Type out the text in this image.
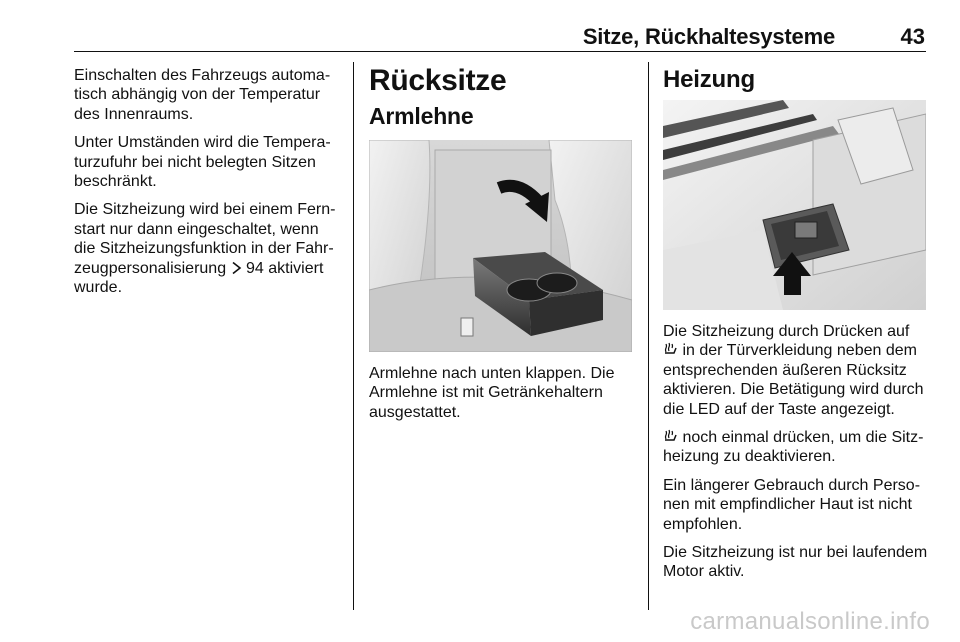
Sitze, Rückhaltesysteme	43

Einschalten des Fahrzeugs automa-
tisch abhängig von der Temperatur
des Innenraums.

Unter Umständen wird die Tempera-
turzufuhr bei nicht belegten Sitzen
beschränkt.

Die Sitzheizung wird bei einem Fern-
start nur dann eingeschaltet, wenn
die Sitzheizungsfunktion in der Fahr-
zeugpersonalisierung 94 aktiviert
wurde.

Rücksitze
Armlehne

Armlehne nach unten klappen. Die
Armlehne ist mit Getränkehaltern
ausgestattet.

Heizung

Die Sitzheizung durch Drücken auf
in der Türverkleidung neben dem
entsprechenden äußeren Rücksitz
aktivieren. Die Betätigung wird durch
die LED auf der Taste angezeigt.

noch einmal drücken, um die Sitz-
heizung zu deaktivieren.

Ein längerer Gebrauch durch Perso-
nen mit empfindlicher Haut ist nicht
empfohlen.

Die Sitzheizung ist nur bei laufendem
Motor aktiv.

carmanualsonline.info
